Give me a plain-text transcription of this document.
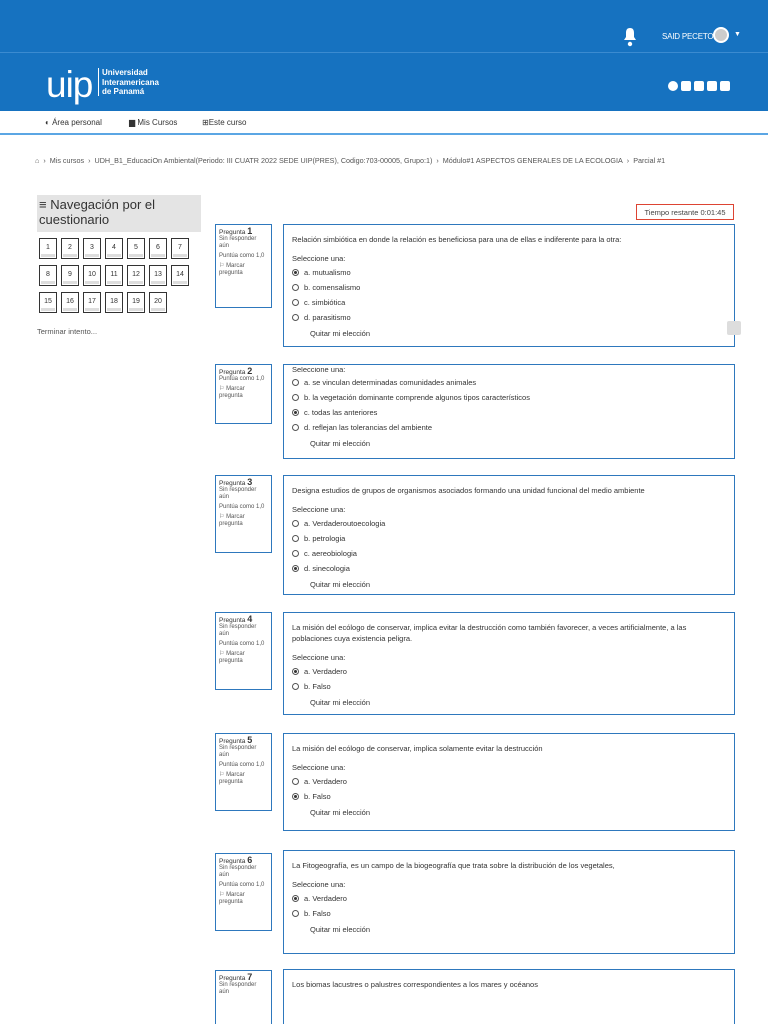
SAID PECETO	▼
uip Universidad
Interamericana
de Panamá
◐ Área personal	▆ Mis Cursos	⊞Este curso
⌂ › Mis cursos › UDH_B1_EducaciOn Ambiental(Periodo: III CUATR 2022 SEDE UIP(PRES), Codigo:703-00005, Grupo:1) › Módulo#1 ASPECTOS GENERALES DE LA ECOLOGIA › Parcial #1
≡ Navegación por el cuestionario
1	2	3	4	5	6	7
8	9	10	11	12	13	14
15	16	17	18	19	20
Terminar intento...
Tiempo restante 0:01:45
Pregunta 1
Sin responder aún
Puntúa como 1,0
⚐ Marcar pregunta
Relación simbiótica en donde la relación es beneficiosa para una de ellas e indiferente para la otra:
Seleccione una:
a. mutualismo
b. comensalismo
c. simbiótica
d. parasitismo
Quitar mi elección
Pregunta 2
Puntúa como 1,0
⚐ Marcar pregunta
Seleccione una:
a. se vinculan determinadas comunidades animales
b. la vegetación dominante comprende algunos tipos característicos
c. todas las anteriores
d. reflejan las tolerancias del ambiente
Quitar mi elección
Pregunta 3
Sin responder aún
Puntúa como 1,0
⚐ Marcar pregunta
Designa estudios de grupos de organismos asociados formando una unidad funcional del medio ambiente
Seleccione una:
a. Verdaderoutoecologia
b. petrologia
c. aereobiologia
d. sinecologia
Quitar mi elección
Pregunta 4
Sin responder aún
Puntúa como 1,0
⚐ Marcar pregunta
La misión del ecólogo de conservar, implica evitar la destrucción como también favorecer, a veces artificialmente, a las poblaciones cuya existencia peligra.
Seleccione una:
a. Verdadero
b. Falso
Quitar mi elección
Pregunta 5
Sin responder aún
Puntúa como 1,0
⚐ Marcar pregunta
La misión del ecólogo de conservar, implica solamente evitar la destrucción
Seleccione una:
a. Verdadero
b. Falso
Quitar mi elección
Pregunta 6
Sin responder aún
Puntúa como 1,0
⚐ Marcar pregunta
La Fitogeografía, es un campo de la biogeografía que trata sobre la distribución de los vegetales,
Seleccione una:
a. Verdadero
b. Falso
Quitar mi elección
Pregunta 7
Sin responder aún
Los biomas lacustres o palustres correspondientes a los mares y océanos
